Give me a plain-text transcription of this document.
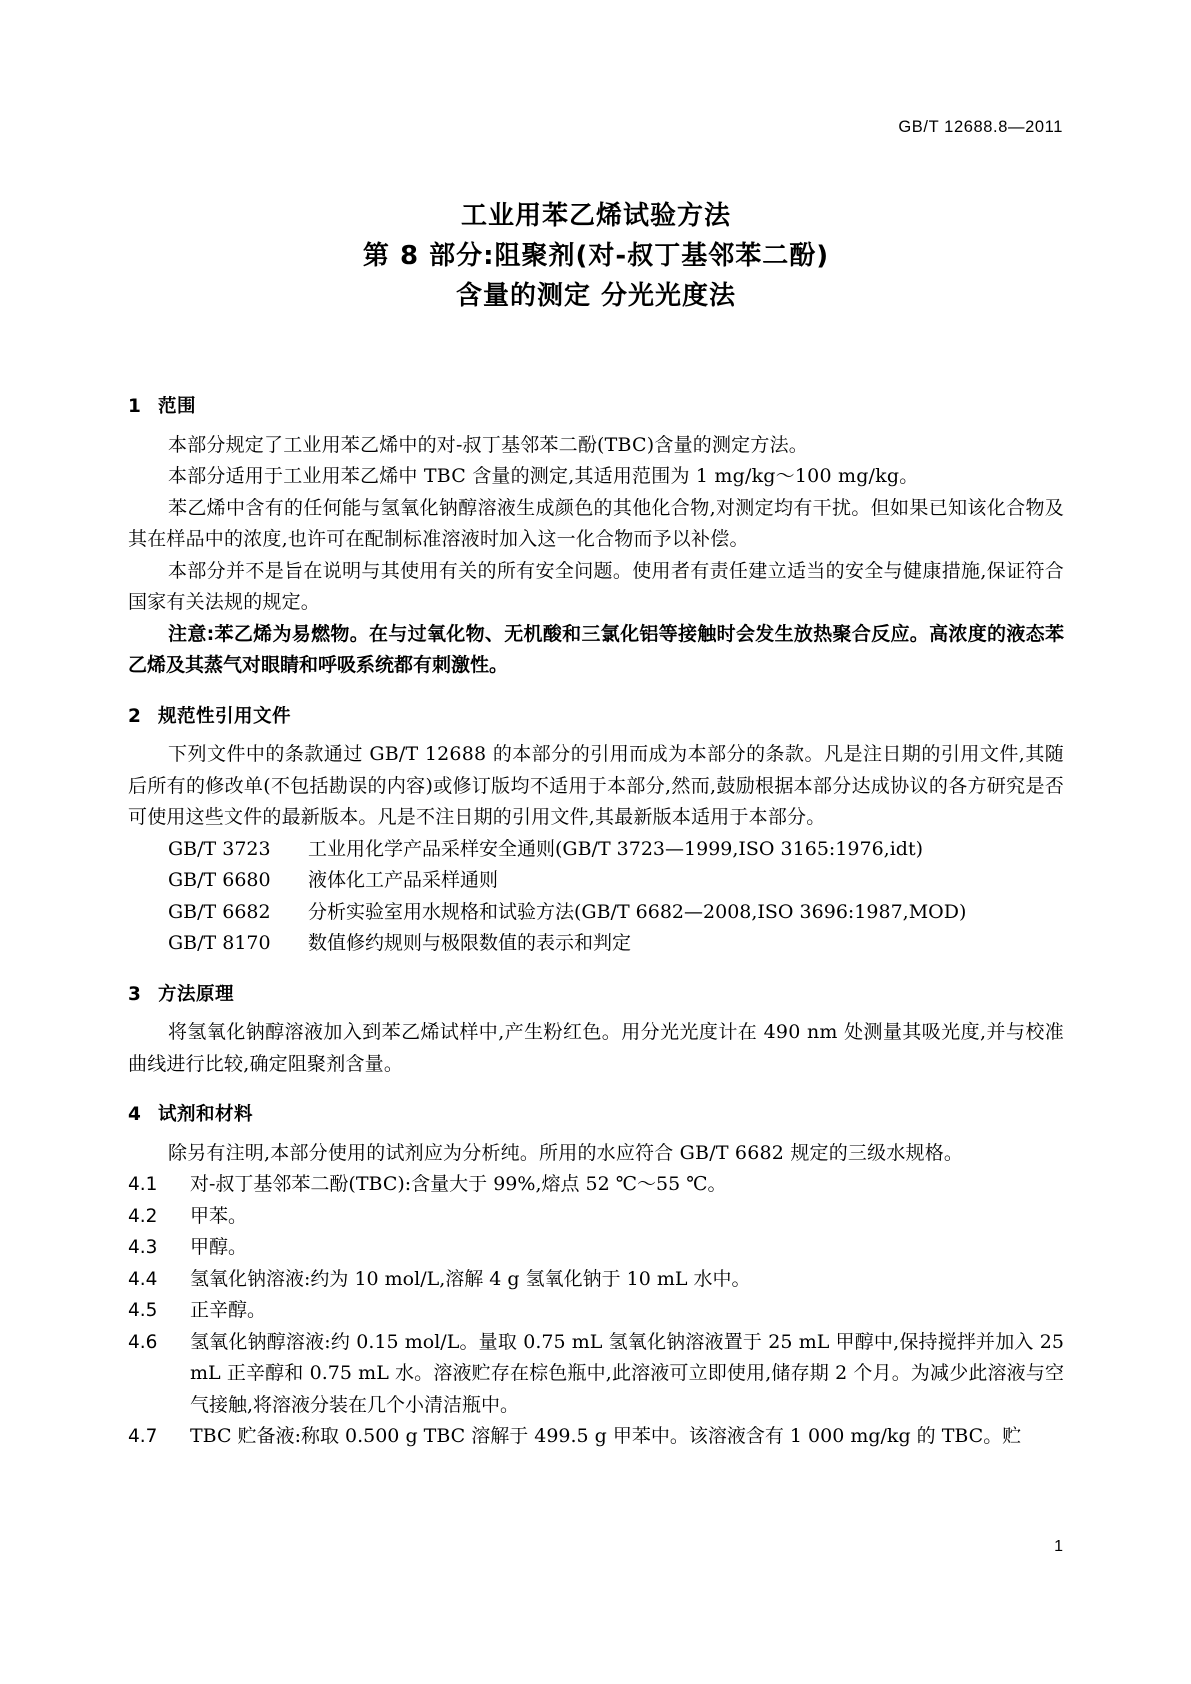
GB/T 12688.8—2011
工业用苯乙烯试验方法
第 8 部分:阻聚剂(对-叔丁基邻苯二酚)
含量的测定 分光光度法
1 范围

本部分规定了工业用苯乙烯中的对-叔丁基邻苯二酚(TBC)含量的测定方法。

本部分适用于工业用苯乙烯中 TBC 含量的测定,其适用范围为 1 mg/kg～100 mg/kg。

苯乙烯中含有的任何能与氢氧化钠醇溶液生成颜色的其他化合物,对测定均有干扰。但如果已知该化合物及其在样品中的浓度,也许可在配制标准溶液时加入这一化合物而予以补偿。

本部分并不是旨在说明与其使用有关的所有安全问题。使用者有责任建立适当的安全与健康措施,保证符合国家有关法规的规定。

注意:苯乙烯为易燃物。在与过氧化物、无机酸和三氯化铝等接触时会发生放热聚合反应。高浓度的液态苯乙烯及其蒸气对眼睛和呼吸系统都有刺激性。

2 规范性引用文件

下列文件中的条款通过 GB/T 12688 的本部分的引用而成为本部分的条款。凡是注日期的引用文件,其随后所有的修改单(不包括勘误的内容)或修订版均不适用于本部分,然而,鼓励根据本部分达成协议的各方研究是否可使用这些文件的最新版本。凡是不注日期的引用文件,其最新版本适用于本部分。

GB/T 3723	工业用化学产品采样安全通则(GB/T 3723—1999,ISO 3165:1976,idt)
GB/T 6680	液体化工产品采样通则
GB/T 6682	分析实验室用水规格和试验方法(GB/T 6682—2008,ISO 3696:1987,MOD)
GB/T 8170	数值修约规则与极限数值的表示和判定
3 方法原理

将氢氧化钠醇溶液加入到苯乙烯试样中,产生粉红色。用分光光度计在 490 nm 处测量其吸光度,并与校准曲线进行比较,确定阻聚剂含量。

4 试剂和材料

除另有注明,本部分使用的试剂应为分析纯。所用的水应符合 GB/T 6682 规定的三级水规格。

4.1	对-叔丁基邻苯二酚(TBC):含量大于 99%,熔点 52 ℃～55 ℃。
4.2	甲苯。
4.3	甲醇。
4.4	氢氧化钠溶液:约为 10 mol/L,溶解 4 g 氢氧化钠于 10 mL 水中。
4.5	正辛醇。
4.6	氢氧化钠醇溶液:约 0.15 mol/L。量取 0.75 mL 氢氧化钠溶液置于 25 mL 甲醇中,保持搅拌并加入 25 mL 正辛醇和 0.75 mL 水。溶液贮存在棕色瓶中,此溶液可立即使用,储存期 2 个月。为减少此溶液与空气接触,将溶液分装在几个小清洁瓶中。
4.7	TBC 贮备液:称取 0.500 g TBC 溶解于 499.5 g 甲苯中。该溶液含有 1 000 mg/kg 的 TBC。贮
1
